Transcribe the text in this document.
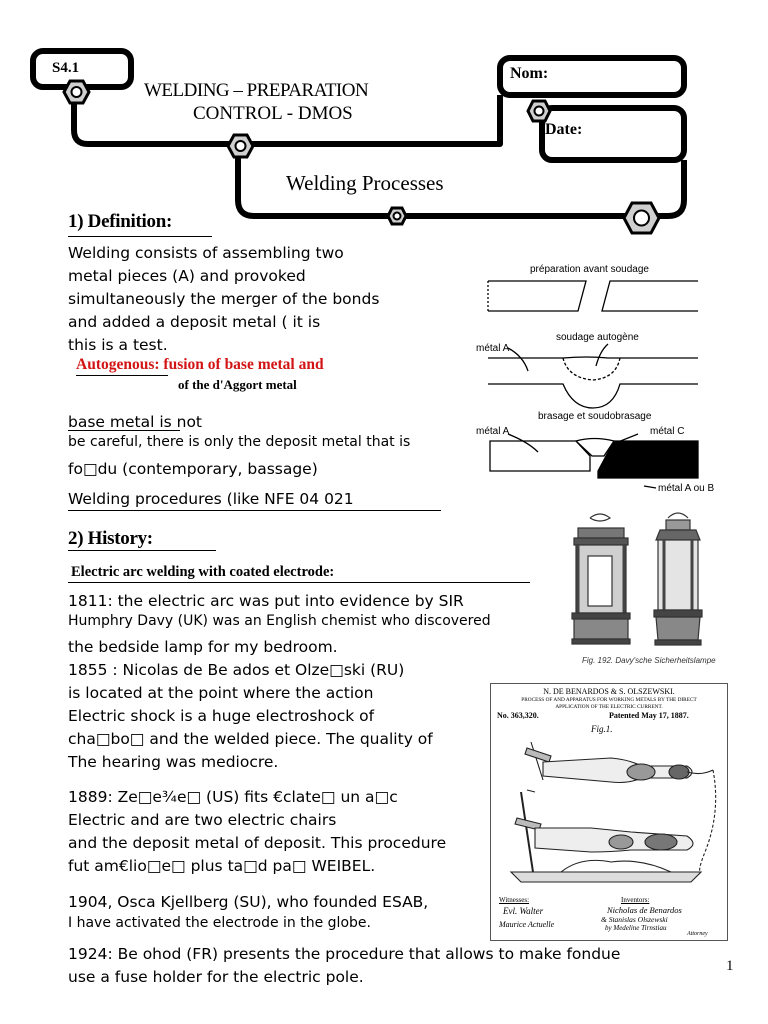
S4.1
WELDING – PREPARATION
CONTROL - DMOS
Nom:
Date:
Welding Processes
1) Definition:
Welding consists of assembling two
metal pieces (A) and provoked
simultaneously the merger of the bonds
and added a deposit metal ( it is
this is a test.
Autogenous: fusion of base metal and
of the d'Aggort metal
base metal is not
be careful, there is only the deposit metal that is
fo□du (contemporary, bassage)
Welding procedures (like NFE 04 021
préparation avant soudage
soudage autogène
métal A
brasage et soudobrasage
métal A	métal C
métal A ou B
2) History:
Electric arc welding with coated electrode:
1811: the electric arc was put into evidence by SIR
Humphry Davy (UK) was an English chemist who discovered
the bedside lamp for my bedroom.
1855 : Nicolas de Be ados et Olze□ski (RU)
is located at the point where the action
Electric shock is a huge electroshock of
cha□bo□ and the welded piece. The quality of
The hearing was mediocre.
1889: Ze□e¾e□ (US) fits €clate□ un a□c
Electric and are two electric chairs
and the deposit metal of deposit. This procedure
fut am€lio□e□ plus ta□d pa□ WEIBEL.
1904, Osca Kjellberg (SU), who founded ESAB,
I have activated the electrode in the globe.
1924: Be ohod (FR) presents the procedure that allows to make fondue
use a fuse holder for the electric pole.
Fig. 192. Davy'sche Sicherheitslampe
N. DE BENARDOS & S. OLSZEWSKI.
PROCESS OF AND APPARATUS FOR WORKING METALS BY THE DIRECT
APPLICATION OF THE ELECTRIC CURRENT.
No. 363,320.	Patented May 17, 1887.
Fig.1.
Witnesses:	Inventors:
Evl. Walter
Maurice Actuelle
Nicholas de Benardos
& Stanislas Olszewski
by Medeline Tirnstiau
Attorney
1
